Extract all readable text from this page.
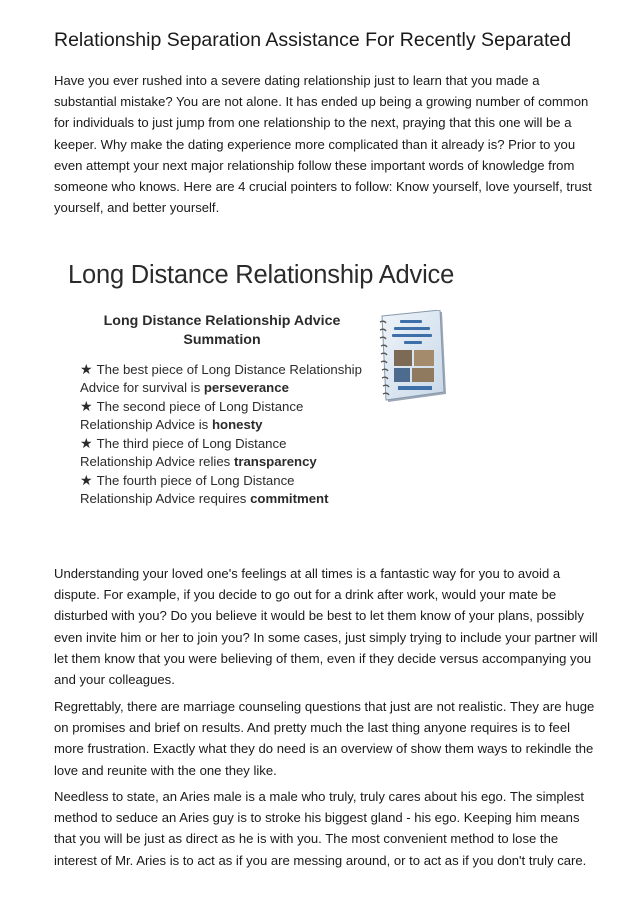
Relationship Separation Assistance For Recently Separated

Have you ever rushed into a severe dating relationship just to learn that you made a substantial mistake? You are not alone. It has ended up being a growing number of common for individuals to just jump from one relationship to the next, praying that this one will be a keeper. Why make the dating experience more complicated than it already is? Prior to you even attempt your next major relationship follow these important words of knowledge from someone who knows. Here are 4 crucial pointers to follow: Know yourself, love yourself, trust yourself, and better yourself.

Long Distance Relationship Advice
Long Distance Relationship Advice
Summation
★ The best piece of Long Distance Relationship
Advice for survival is perseverance
★ The second piece of Long Distance
Relationship Advice is honesty
★ The third piece of Long Distance
Relationship Advice relies transparency
★ The fourth piece of Long Distance
Relationship Advice requires commitment

Understanding your loved one's feelings at all times is a fantastic way for you to avoid a dispute. For example, if you decide to go out for a drink after work, would your mate be disturbed with you? Do you believe it would be best to let them know of your plans, possibly even invite him or her to join you? In some cases, just simply trying to include your partner will let them know that you were believing of them, even if they decide versus accompanying you and your colleagues.

Regrettably, there are marriage counseling questions that just are not realistic. They are huge on promises and brief on results. And pretty much the last thing anyone requires is to feel more frustration. Exactly what they do need is an overview of show them ways to rekindle the love and reunite with the one they like.

Needless to state, an Aries male is a male who truly, truly cares about his ego. The simplest method to seduce an Aries guy is to stroke his biggest gland - his ego. Keeping him means that you will be just as direct as he is with you. The most convenient method to lose the interest of Mr. Aries is to act as if you are messing around, or to act as if you don't truly care.
